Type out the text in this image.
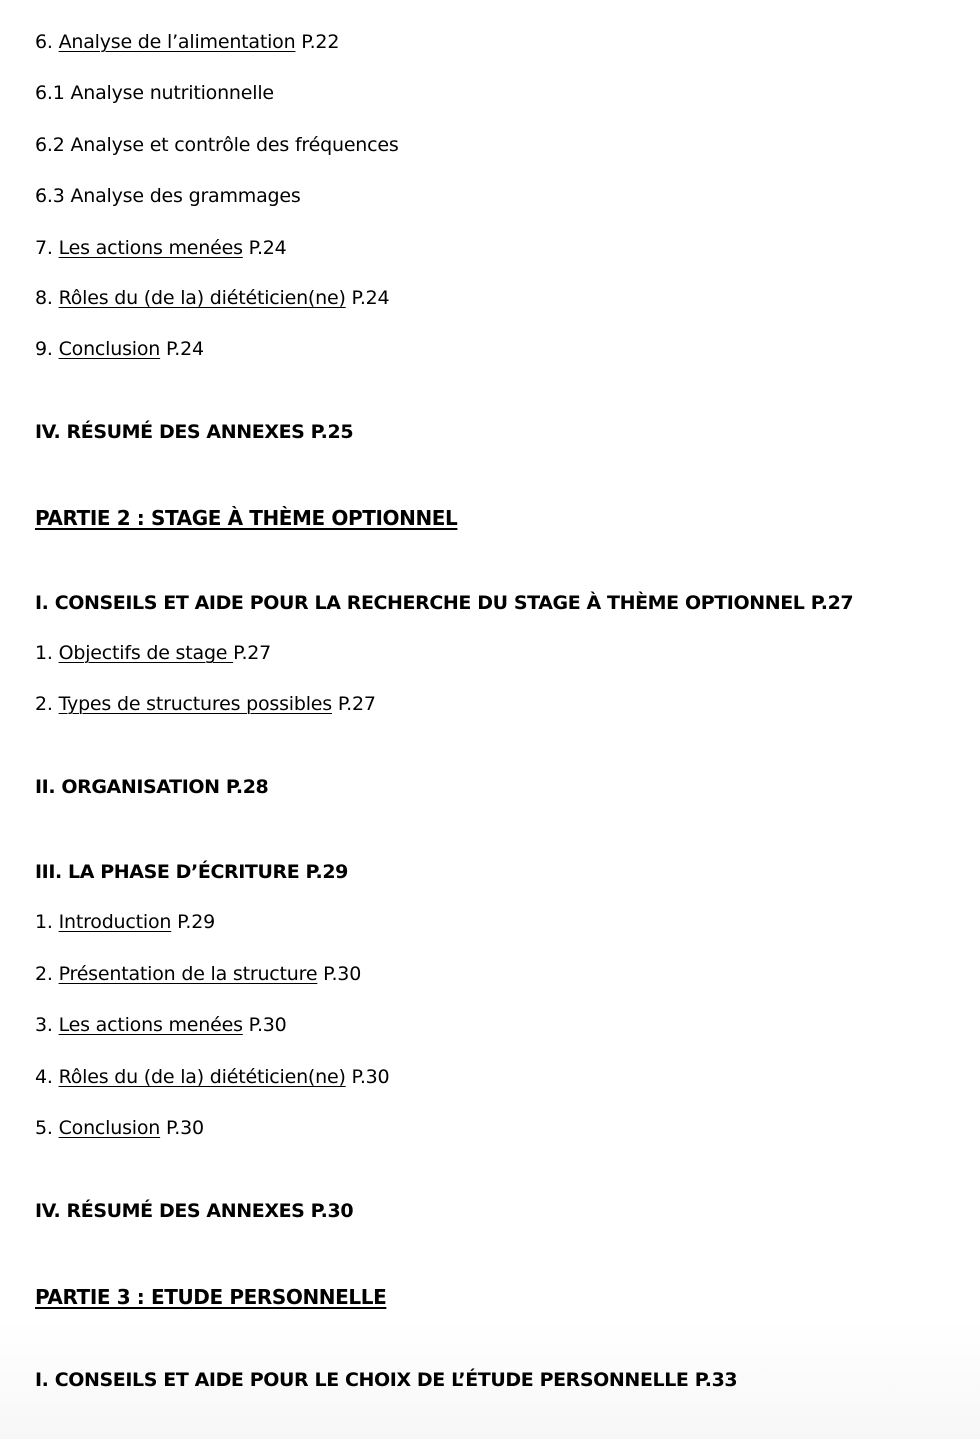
6. Analyse de l’alimentation P.22
6.1 Analyse nutritionnelle
6.2 Analyse et contrôle des fréquences
6.3 Analyse des grammages
7. Les actions menées P.24
8. Rôles du (de la) diététicien(ne) P.24
9. Conclusion P.24
IV. RÉSUMÉ DES ANNEXES P.25
PARTIE 2 : STAGE À THÈME OPTIONNEL
I. CONSEILS ET AIDE POUR LA RECHERCHE DU STAGE À THÈME OPTIONNEL P.27
1. Objectifs de stage P.27
2. Types de structures possibles P.27
II. ORGANISATION P.28
III. LA PHASE D’ÉCRITURE P.29
1. Introduction P.29
2. Présentation de la structure P.30
3. Les actions menées P.30
4. Rôles du (de la) diététicien(ne) P.30
5. Conclusion P.30
IV. RÉSUMÉ DES ANNEXES P.30
PARTIE 3 : ETUDE PERSONNELLE
I. CONSEILS ET AIDE POUR LE CHOIX DE L’ÉTUDE PERSONNELLE P.33
